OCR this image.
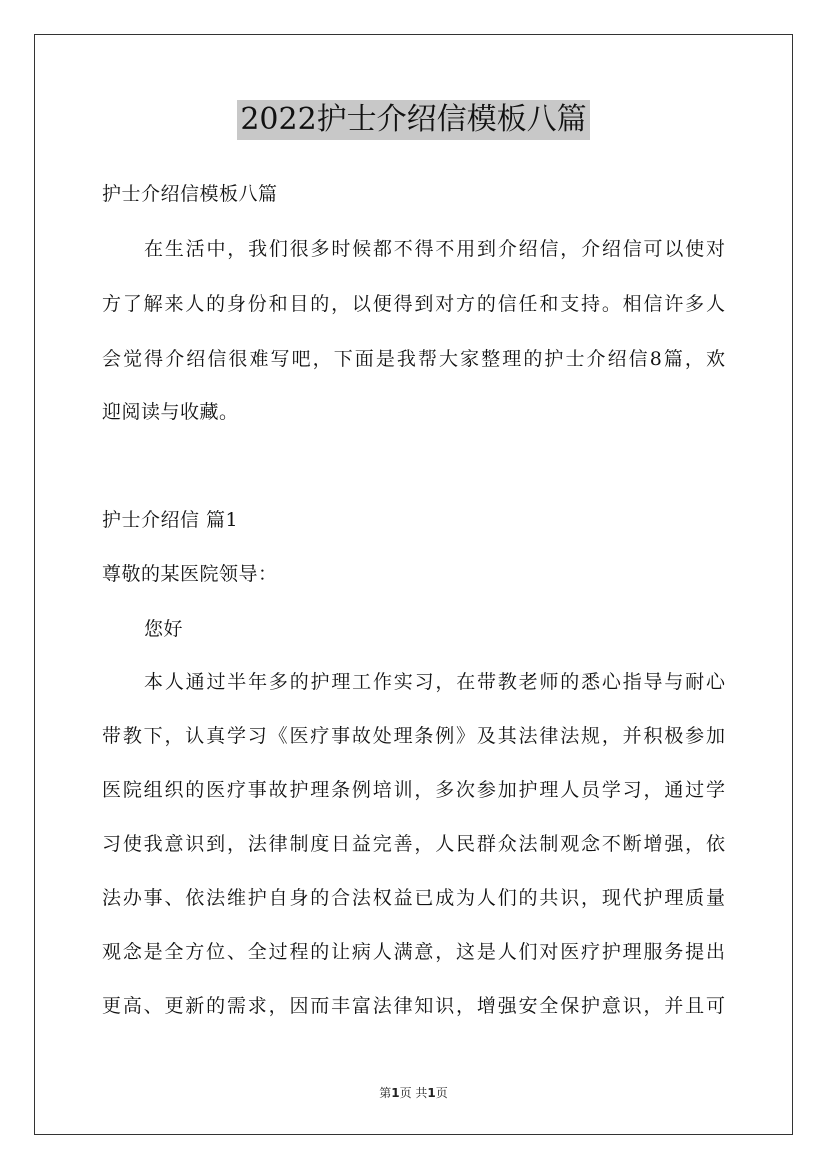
2022护士介绍信模板八篇
护士介绍信模板八篇
在生活中，我们很多时候都不得不用到介绍信，介绍信可以使对
方了解来人的身份和目的，以便得到对方的信任和支持。相信许多人
会觉得介绍信很难写吧，下面是我帮大家整理的护士介绍信8篇，欢
迎阅读与收藏。
护士介绍信 篇1
尊敬的某医院领导：
您好
本人通过半年多的护理工作实习，在带教老师的悉心指导与耐心
带教下，认真学习《医疗事故处理条例》及其法律法规，并积极参加
医院组织的医疗事故护理条例培训，多次参加护理人员学习，通过学
习使我意识到，法律制度日益完善，人民群众法制观念不断增强，依
法办事、依法维护自身的合法权益已成为人们的共识，现代护理质量
观念是全方位、全过程的让病人满意，这是人们对医疗护理服务提出
更高、更新的需求，因而丰富法律知识，增强安全保护意识，并且可
第1页 共1页
